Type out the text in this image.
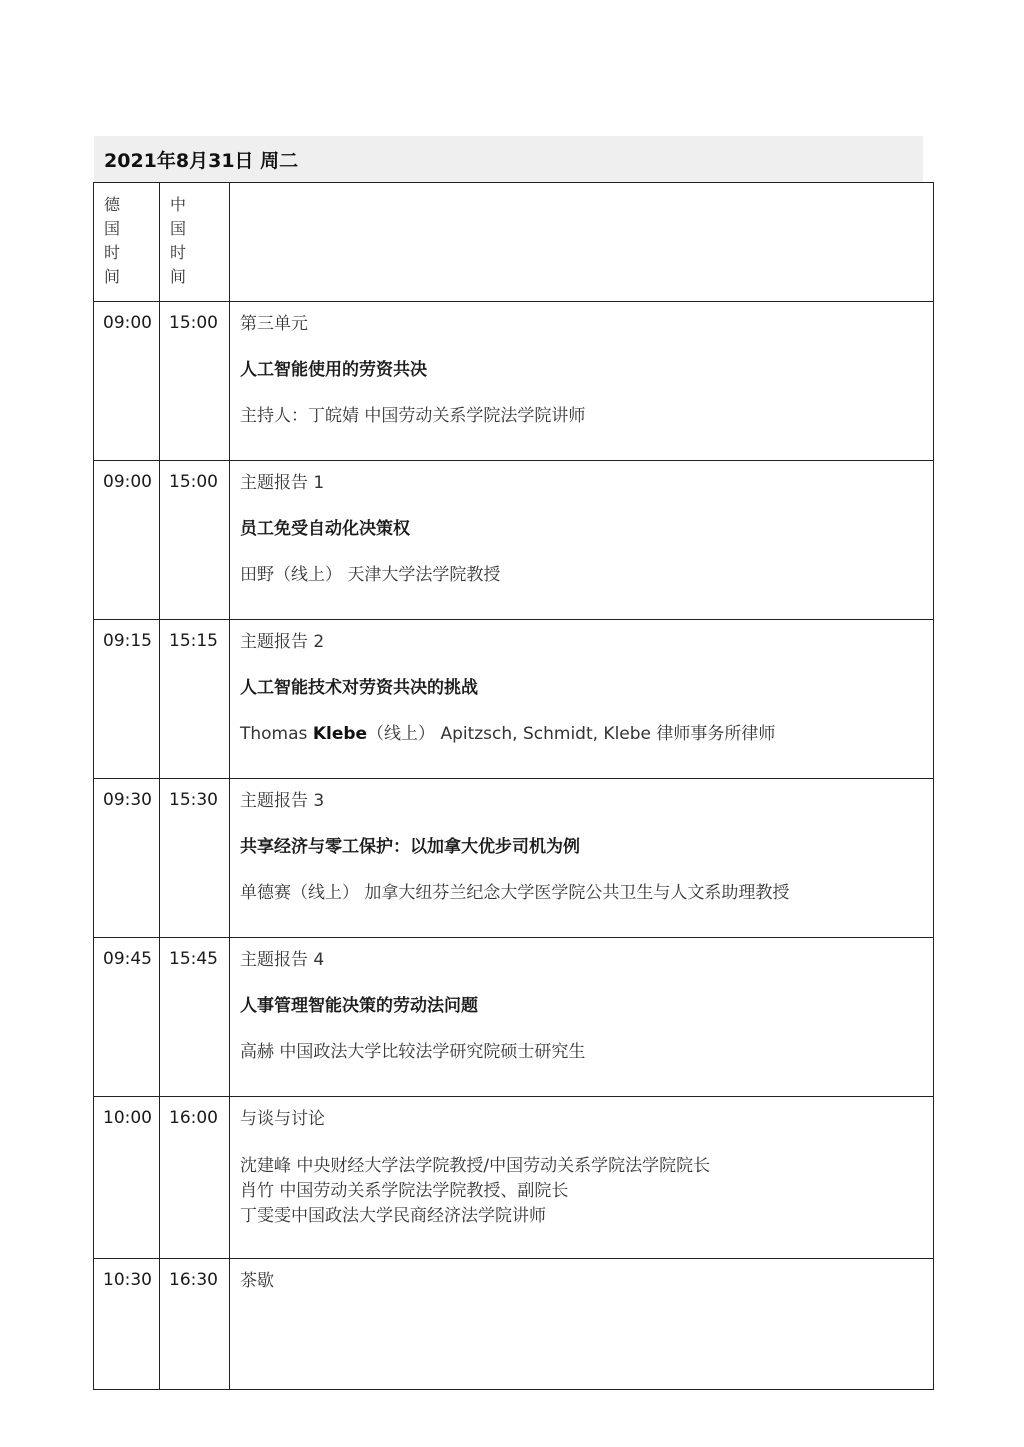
2021年8月31日 周二
德
国
时
间	中
国
时
间	

09:00	15:00	第三单元

人工智能使用的劳资共决

主持人：丁皖婧 中国劳动关系学院法学院讲师

09:00	15:00	主题报告 1

员工免受自动化决策权

田野（线上） 天津大学法学院教授

09:15	15:15	主题报告 2

人工智能技术对劳资共决的挑战

Thomas Klebe（线上） Apitzsch, Schmidt, Klebe 律师事务所律师

09:30	15:30	主题报告 3

共享经济与零工保护：以加拿大优步司机为例

单德赛（线上） 加拿大纽芬兰纪念大学医学院公共卫生与人文系助理教授

09:45	15:45	主题报告 4

人事管理智能决策的劳动法问题

高赫 中国政法大学比较法学研究院硕士研究生

10:00	16:00	与谈与讨论

沈建峰 中央财经大学法学院教授/中国劳动关系学院法学院院长
肖竹 中国劳动关系学院法学院教授、副院长
丁雯雯中国政法大学民商经济法学院讲师

10:30	16:30	茶歇
